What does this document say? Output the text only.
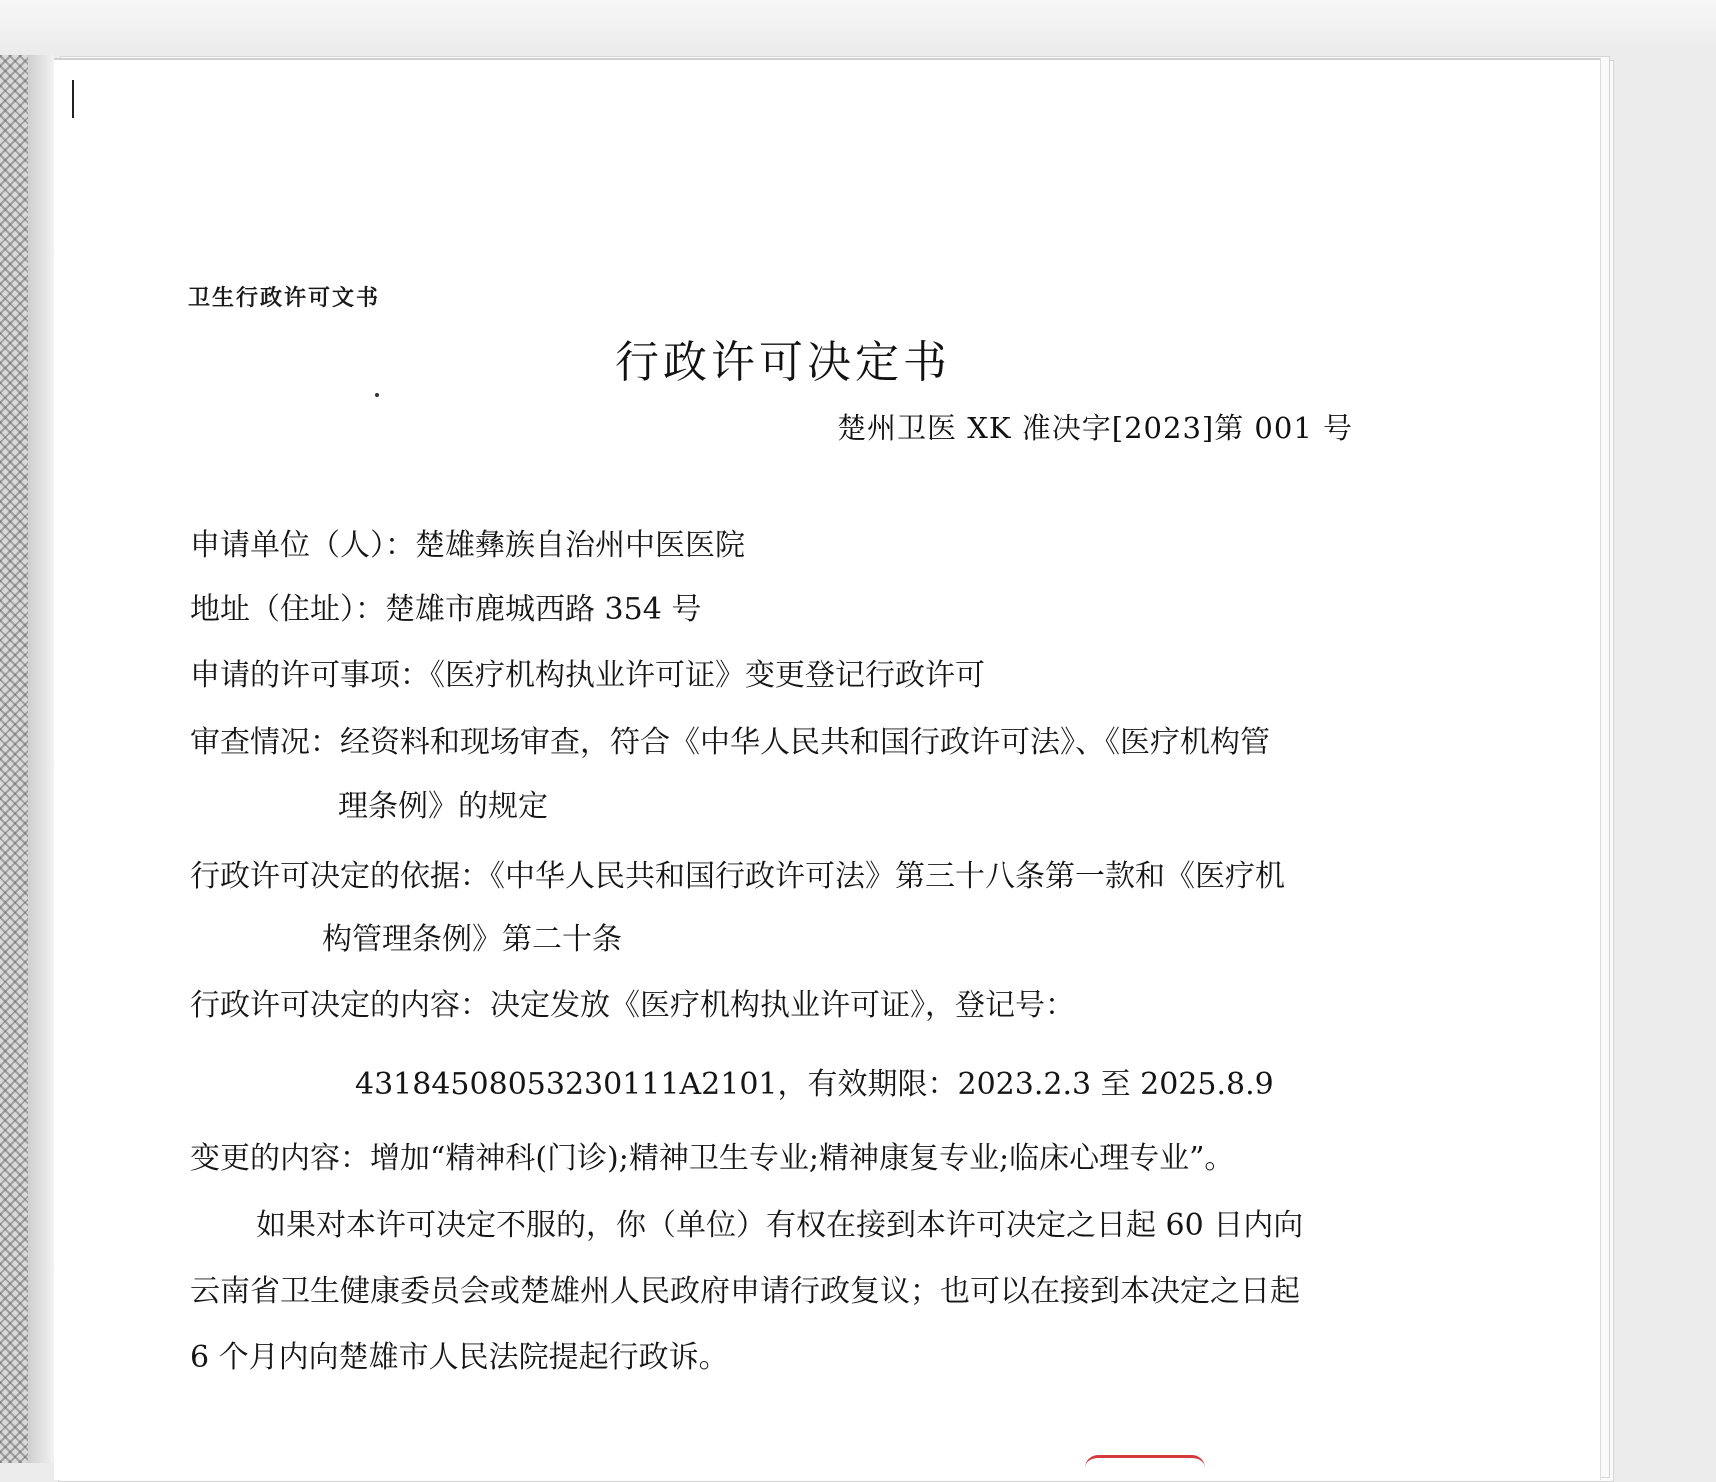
卫生行政许可文书
行政许可决定书
楚州卫医 XK 准决字[2023]第 001 号
申请单位（人）：楚雄彝族自治州中医医院
地址（住址）：楚雄市鹿城西路 354 号
申请的许可事项：《医疗机构执业许可证》变更登记行政许可
审查情况：经资料和现场审查，符合《中华人民共和国行政许可法》、《医疗机构管
理条例》的规定
行政许可决定的依据：《中华人民共和国行政许可法》第三十八条第一款和《医疗机
构管理条例》第二十条
行政许可决定的内容：决定发放《医疗机构执业许可证》，登记号：
43184508053230111A2101，有效期限：2023.2.3 至 2025.8.9
变更的内容：增加“精神科(门诊);精神卫生专业;精神康复专业;临床心理专业”。
如果对本许可决定不服的，你（单位）有权在接到本许可决定之日起 60 日内向
云南省卫生健康委员会或楚雄州人民政府申请行政复议；也可以在接到本决定之日起
6 个月内向楚雄市人民法院提起行政诉。
